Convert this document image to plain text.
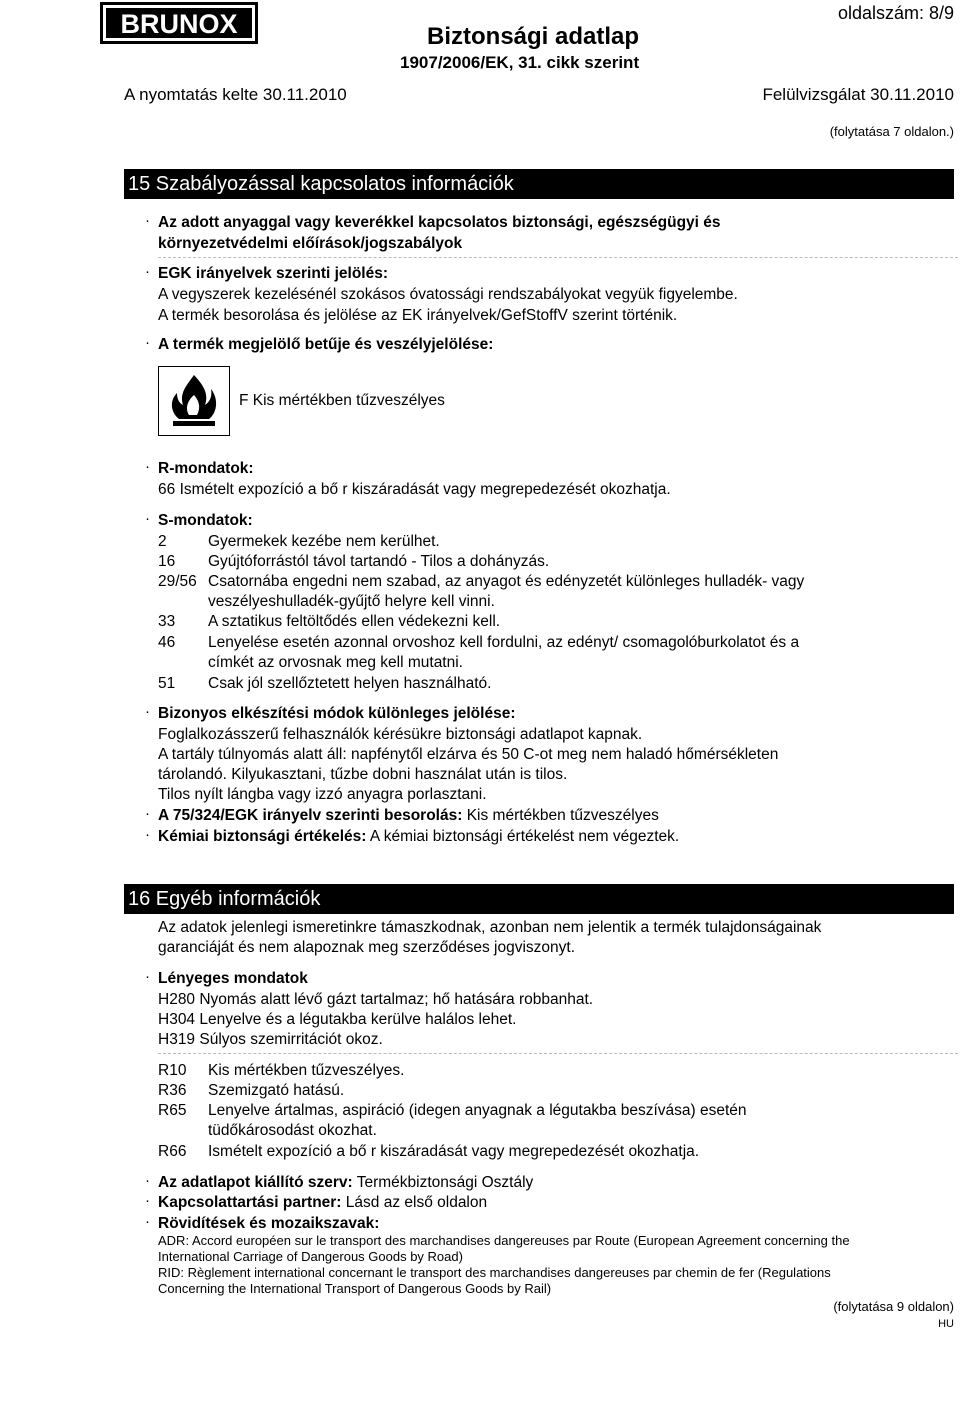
BRUNOX	Biztonsági adatlap
1907/2006/EK, 31. cikk szerint
oldalszám: 8/9
A nyomtatás kelte 30.11.2010	Felülvizsgálat 30.11.2010
(folytatása 7 oldalon.)
15 Szabályozással kapcsolatos információk
· Az adott anyaggal vagy keverékkel kapcsolatos biztonsági, egészségügyi és
környezetvédelmi előírások/jogszabályok
· EGK irányelvek szerinti jelölés:
A vegyszerek kezelésénél szokásos óvatossági rendszabályokat vegyük figyelembe.
A termék besorolása és jelölése az EK irányelvek/GefStoffV szerint történik.
· A termék megjelölő betűje és veszélyjelölése:
F Kis mértékben tűzveszélyes
· R-mondatok:
66 Ismételt expozíció a bő r kiszáradását vagy megrepedezését okozhatja.
· S-mondatok:
2	Gyermekek kezébe nem kerülhet.
16 Gyújtóforrástól távol tartandó - Tilos a dohányzás.
29/56 Csatornába engedni nem szabad, az anyagot és edényzetét különleges hulladék- vagy
veszélyeshulladék-gyűjtő helyre kell vinni.
33 A sztatikus feltöltődés ellen védekezni kell.
46 Lenyelése esetén azonnal orvoshoz kell fordulni, az edényt/ csomagolóburkolatot és a
címkét az orvosnak meg kell mutatni.
51 Csak jól szellőztetett helyen használható.
· Bizonyos elkészítési módok különleges jelölése:
Foglalkozásszerű felhasználók kérésükre biztonsági adatlapot kapnak.
A tartály túlnyomás alatt áll: napfénytől elzárva és 50 C-ot meg nem haladó hőmérsékleten
tárolandó. Kilyukasztani, tűzbe dobni használat után is tilos.
Tilos nyílt lángba vagy izzó anyagra porlasztani.
· A 75/324/EGK irányelv szerinti besorolás: Kis mértékben tűzveszélyes
· Kémiai biztonsági értékelés: A kémiai biztonsági értékelést nem végeztek.
16 Egyéb információk
Az adatok jelenlegi ismeretinkre támaszkodnak, azonban nem jelentik a termék tulajdonságainak
garanciáját és nem alapoznak meg szerződéses jogviszonyt.
· Lényeges mondatok
H280 Nyomás alatt lévő gázt tartalmaz; hő hatására robbanhat.
H304 Lenyelve és a légutakba kerülve halálos lehet.
H319 Súlyos szemirritációt okoz.
R10 Kis mértékben tűzveszélyes.
R36 Szemizgató hatású.
R65 Lenyelve ártalmas, aspiráció (idegen anyagnak a légutakba beszívása) esetén
tüdőkárosodást okozhat.
R66 Ismételt expozíció a bő r kiszáradását vagy megrepedezését okozhatja.
· Az adatlapot kiállító szerv: Termékbiztonsági Osztály
· Kapcsolattartási partner: Lásd az első oldalon
· Rövidítések és mozaikszavak:
ADR: Accord européen sur le transport des marchandises dangereuses par Route (European Agreement concerning the
International Carriage of Dangerous Goods by Road)
RID: Règlement international concernant le transport des marchandises dangereuses par chemin de fer (Regulations
Concerning the International Transport of Dangerous Goods by Rail)
(folytatása 9 oldalon)
HU
